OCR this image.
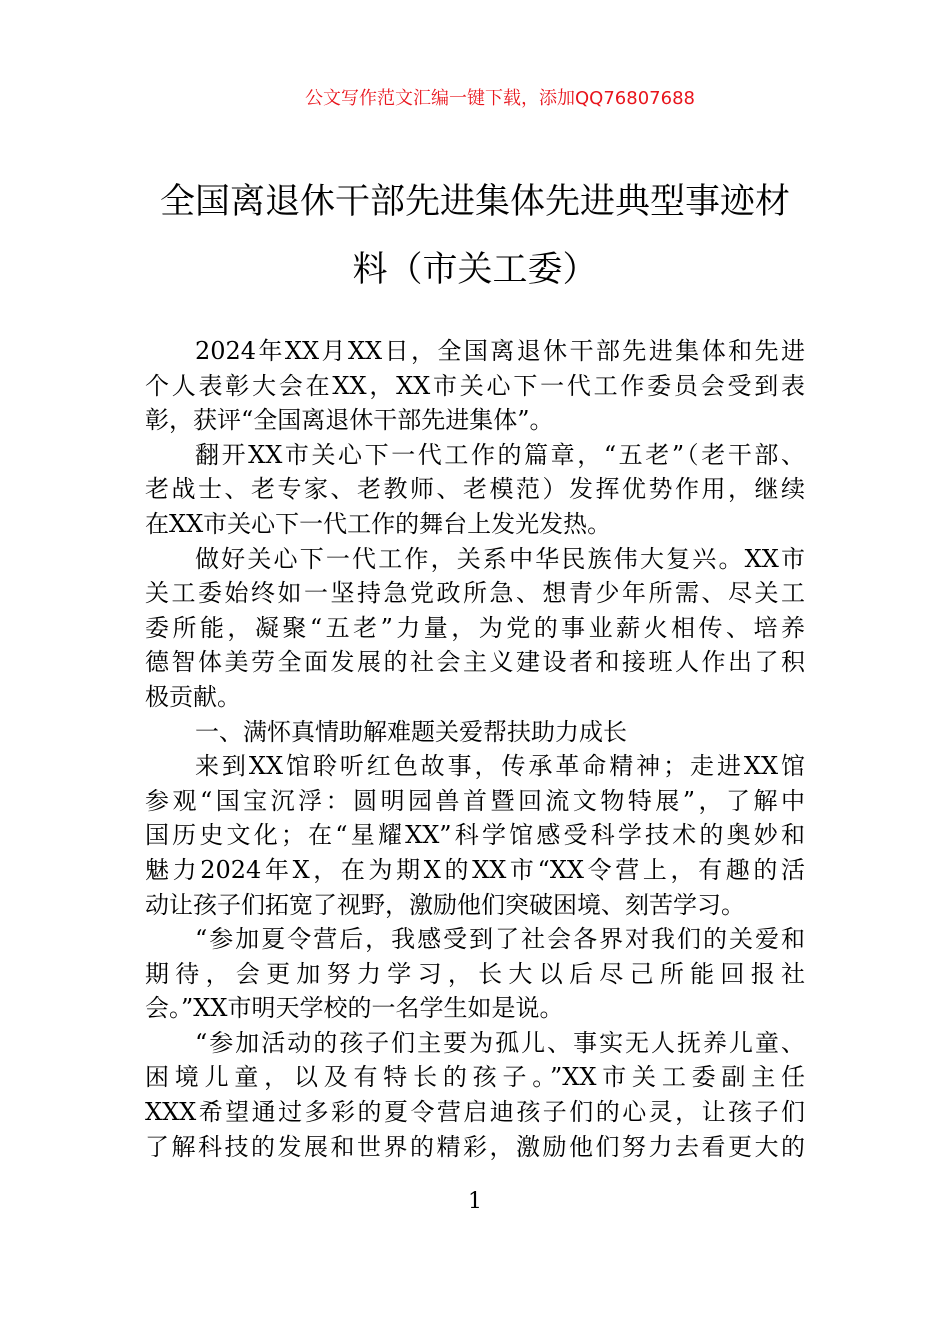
公文写作范文汇编一键下载，添加QQ76807688
全国离退休干部先进集体先进典型事迹材
料（市关工委）
2024年XX月XX日，全国离退休干部先进集体和先进
个人表彰大会在XX，XX市关心下一代工作委员会受到表
彰，获评“全国离退休干部先进集体”。
翻开XX市关心下一代工作的篇章，“五老”（老干部、
老战士、老专家、老教师、老模范）发挥优势作用，继续
在XX市关心下一代工作的舞台上发光发热。
做好关心下一代工作，关系中华民族伟大复兴。XX市
关工委始终如一坚持急党政所急、想青少年所需、尽关工
委所能，凝聚“五老”力量，为党的事业薪火相传、培养
德智体美劳全面发展的社会主义建设者和接班人作出了积
极贡献。
一、满怀真情助解难题关爱帮扶助力成长
来到XX馆聆听红色故事，传承革命精神；走进XX馆
参观“国宝沉浮：圆明园兽首暨回流文物特展”，了解中
国历史文化；在“星耀XX”科学馆感受科学技术的奥妙和
魅力2024年X，在为期X的XX市“XX令营上，有趣的活
动让孩子们拓宽了视野，激励他们突破困境、刻苦学习。
“参加夏令营后，我感受到了社会各界对我们的关爱和
期待，会更加努力学习，长大以后尽己所能回报社
会。”XX市明天学校的一名学生如是说。
“参加活动的孩子们主要为孤儿、事实无人抚养儿童、
困境儿童，以及有特长的孩子。”XX市关工委副主任
XXX希望通过多彩的夏令营启迪孩子们的心灵，让孩子们
了解科技的发展和世界的精彩，激励他们努力去看更大的
1
